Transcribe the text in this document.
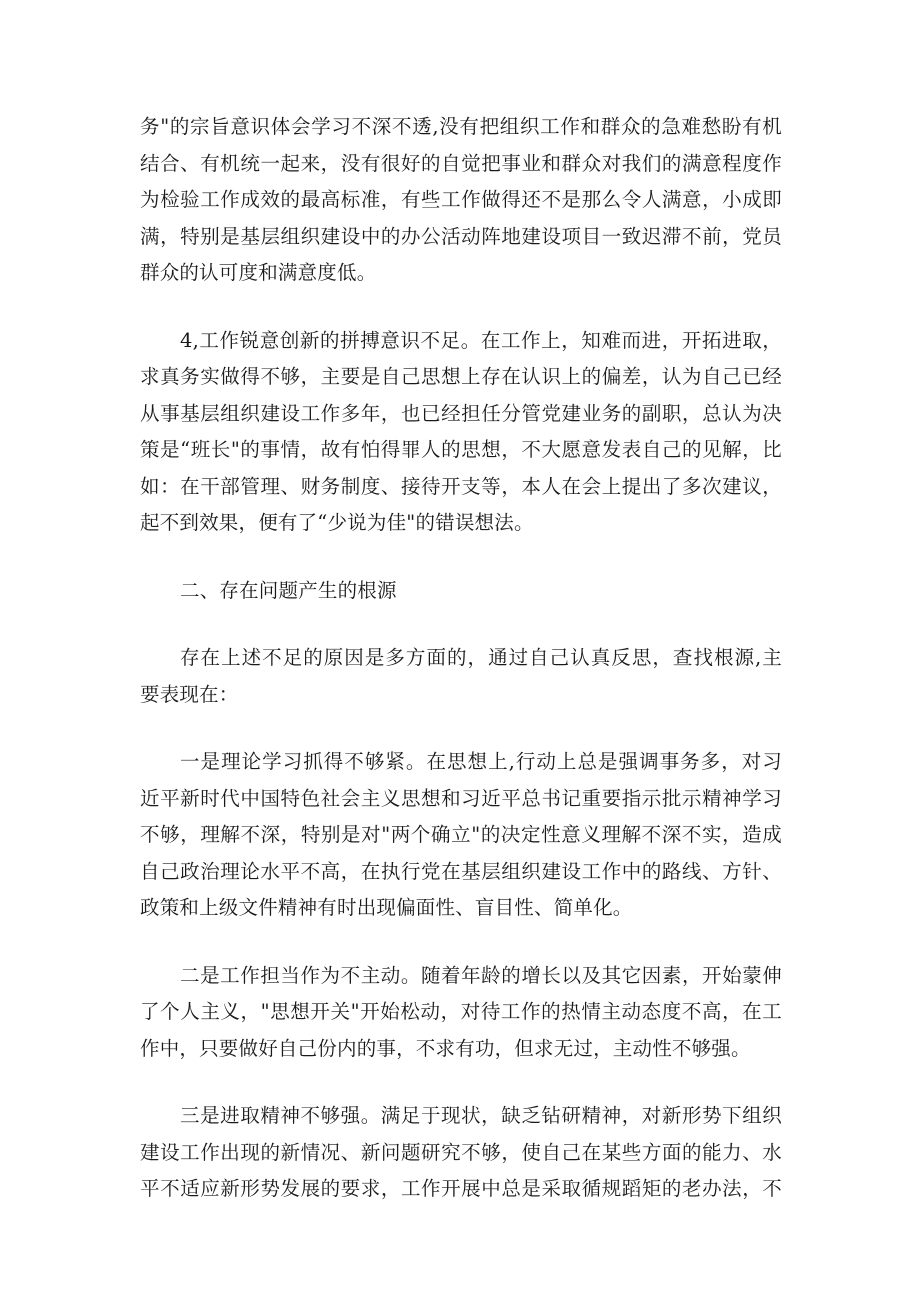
务"的宗旨意识体会学习不深不透,没有把组织工作和群众的急难愁盼有机
结合、有机统一起来，没有很好的自觉把事业和群众对我们的满意程度作
为检验工作成效的最高标准，有些工作做得还不是那么令人满意，小成即
满，特别是基层组织建设中的办公活动阵地建设项目一致迟滞不前，党员
群众的认可度和满意度低。
4,工作锐意创新的拼搏意识不足。在工作上，知难而进，开拓进取，
求真务实做得不够，主要是自己思想上存在认识上的偏差，认为自己已经
从事基层组织建设工作多年，也已经担任分管党建业务的副职，总认为决
策是“班长"的事情，故有怕得罪人的思想，不大愿意发表自己的见解，比
如：在干部管理、财务制度、接待开支等，本人在会上提出了多次建议，
起不到效果，便有了“少说为佳"的错误想法。
二、存在问题产生的根源
存在上述不足的原因是多方面的，通过自己认真反思，查找根源,主
要表现在：
一是理论学习抓得不够紧。在思想上,行动上总是强调事务多，对习
近平新时代中国特色社会主义思想和习近平总书记重要指示批示精神学习
不够，理解不深，特别是对"两个确立"的决定性意义理解不深不实，造成
自己政治理论水平不高，在执行党在基层组织建设工作中的路线、方针、
政策和上级文件精神有时出现偏面性、盲目性、简单化。
二是工作担当作为不主动。随着年龄的增长以及其它因素，开始蒙伸
了个人主义，"思想开关"开始松动，对待工作的热情主动态度不高，在工
作中，只要做好自己份内的事，不求有功，但求无过，主动性不够强。
三是进取精神不够强。满足于现状，缺乏钻研精神，对新形势下组织
建设工作出现的新情况、新问题研究不够，使自己在某些方面的能力、水
平不适应新形势发展的要求，工作开展中总是采取循规蹈矩的老办法，不
